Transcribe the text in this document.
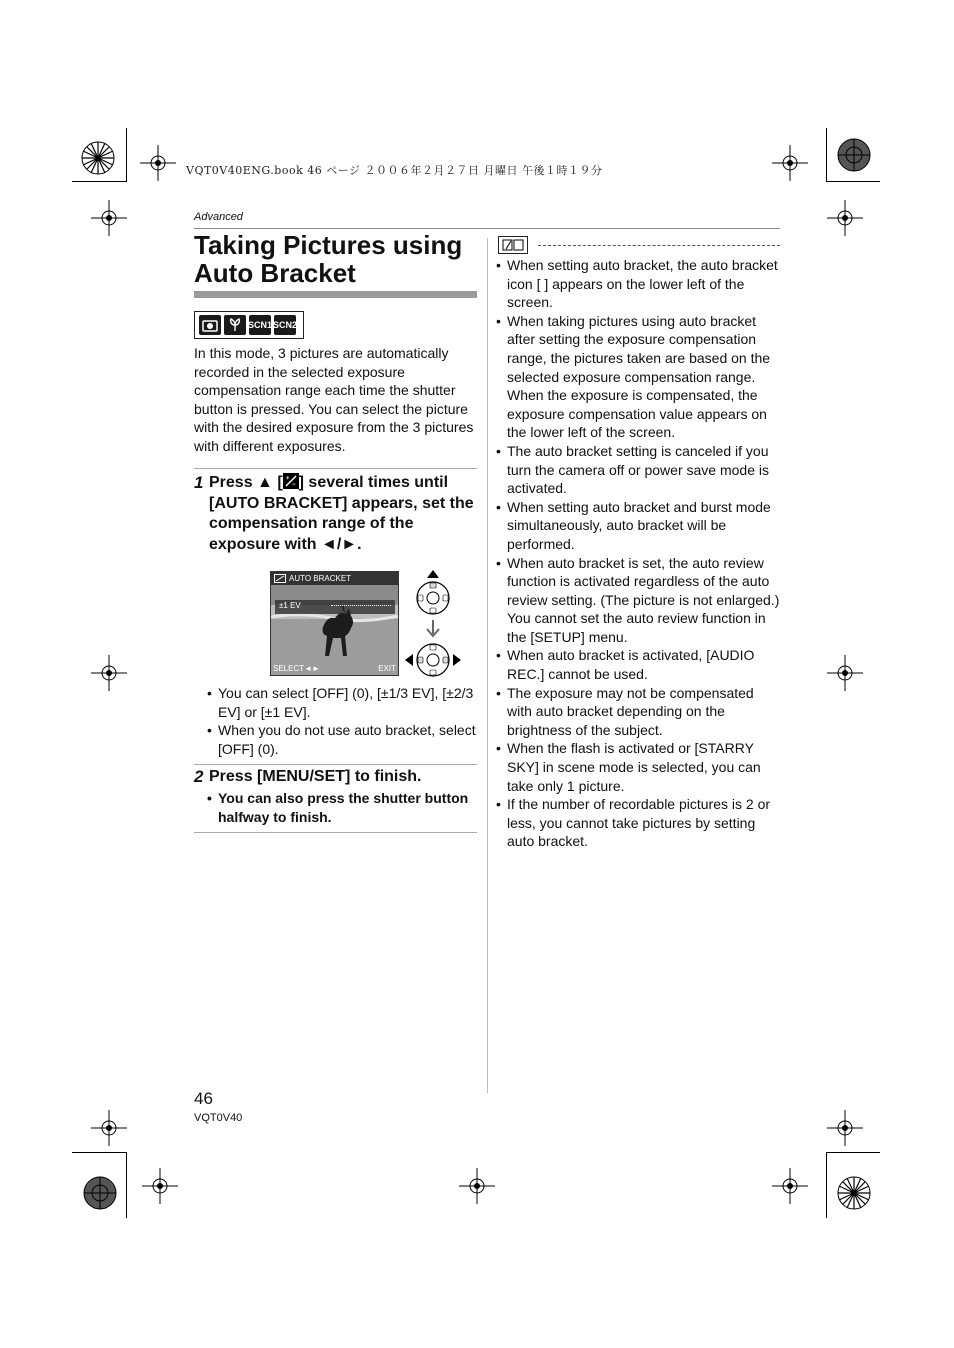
VQT0V40ENG.book 46 ページ ２００６年２月２７日 月曜日 午後１時１９分
Advanced
Taking Pictures using Auto Bracket
SCN1 SCN2
In this mode, 3 pictures are automatically recorded in the selected exposure compensation range each time the shutter button is pressed. You can select the picture with the desired exposure from the 3 pictures with different exposures.
1 Press ▲ [ +
− ] several times until [AUTO BRACKET] appears, set the compensation range of the exposure with ◄/►.
AUTO BRACKET
±1 EV
SELECT◄►	EXIT
• You can select [OFF] (0), [±1/3 EV], [±2/3 EV] or [±1 EV].
• When you do not use auto bracket, select [OFF] (0).
2 Press [MENU/SET] to finish.
• You can also press the shutter button halfway to finish.
• When setting auto bracket, the auto bracket icon [ ] appears on the lower left of the screen.
• When taking pictures using auto bracket after setting the exposure compensation range, the pictures taken are based on the selected exposure compensation range. When the exposure is compensated, the exposure compensation value appears on the lower left of the screen.
• The auto bracket setting is canceled if you turn the camera off or power save mode is activated.
• When setting auto bracket and burst mode simultaneously, auto bracket will be performed.
• When auto bracket is set, the auto review function is activated regardless of the auto review setting. (The picture is not enlarged.) You cannot set the auto review function in the [SETUP] menu.
• When auto bracket is activated, [AUDIO REC.] cannot be used.
• The exposure may not be compensated with auto bracket depending on the brightness of the subject.
• When the flash is activated or [STARRY SKY] in scene mode is selected, you can take only 1 picture.
• If the number of recordable pictures is 2 or less, you cannot take pictures by setting auto bracket.
46
VQT0V40
